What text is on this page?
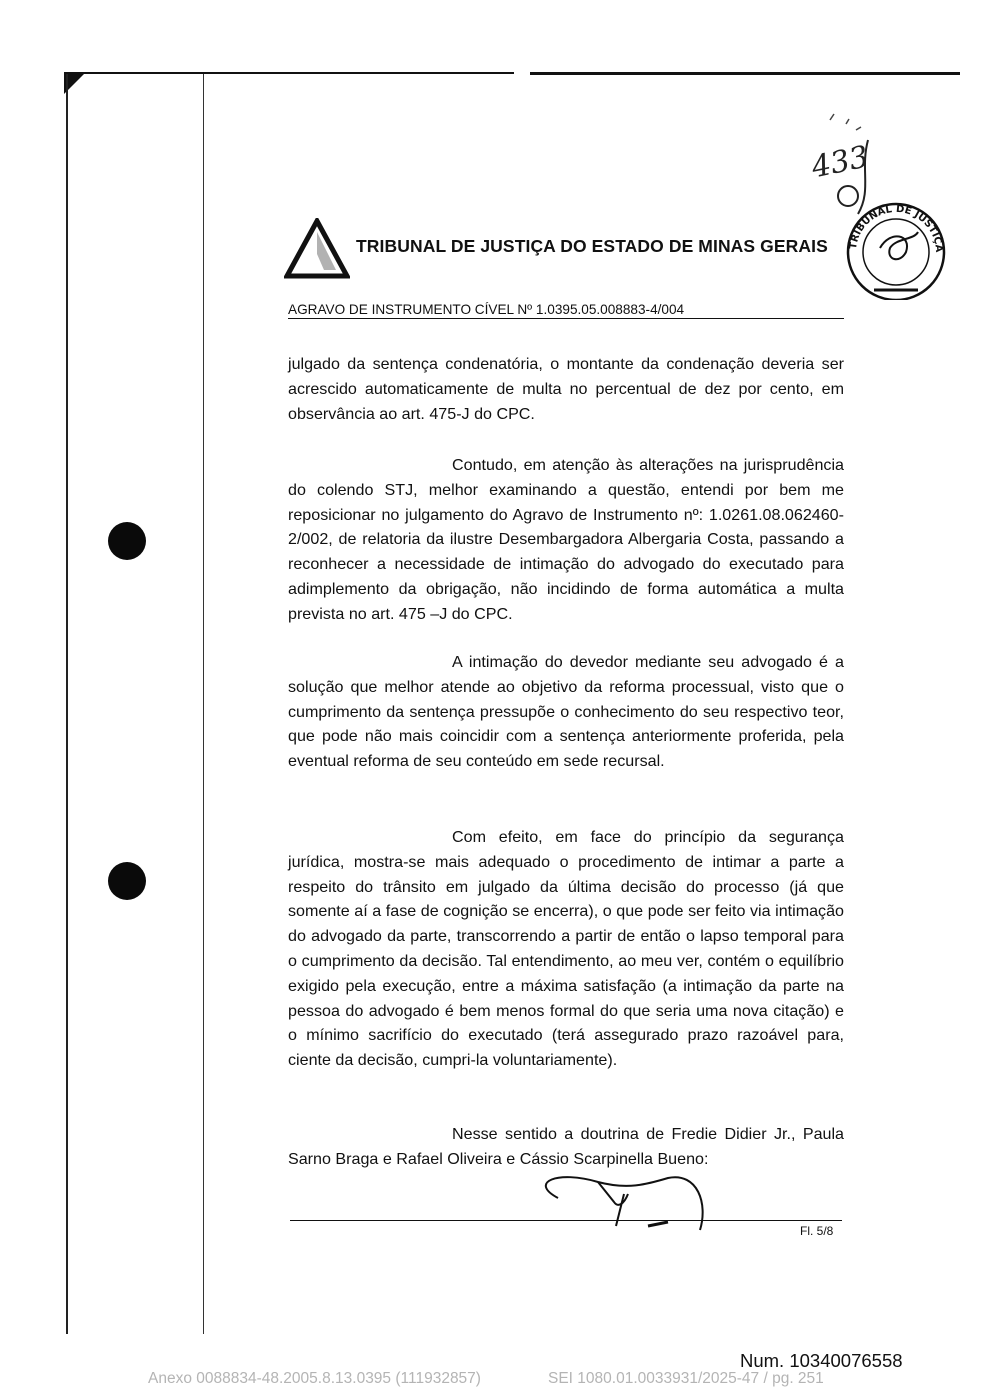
TRIBUNAL DE JUSTIÇA DO ESTADO DE MINAS GERAIS
433
TRIBUNAL DE JUSTIÇA
AGRAVO DE INSTRUMENTO CÍVEL Nº 1.0395.05.008883-4/004

julgado da sentença condenatória, o montante da condenação deveria ser acrescido automaticamente de multa no percentual de dez por cento, em observância ao art. 475-J do CPC.

Contudo, em atenção às alterações na jurisprudência do colendo STJ, melhor examinando a questão, entendi por bem me reposicionar no julgamento do Agravo de Instrumento nº: 1.0261.08.062460-2/002, de relatoria da ilustre Desembargadora Albergaria Costa, passando a reconhecer a necessidade de intimação do advogado do executado para adimplemento da obrigação, não incidindo de forma automática a multa prevista no art. 475 –J do CPC.

A intimação do devedor mediante seu advogado é a solução que melhor atende ao objetivo da reforma processual, visto que o cumprimento da sentença pressupõe o conhecimento do seu respectivo teor, que pode não mais coincidir com a sentença anteriormente proferida, pela eventual reforma de seu conteúdo em sede recursal.

Com efeito, em face do princípio da segurança jurídica, mostra-se mais adequado o procedimento de intimar a parte a respeito do trânsito em julgado da última decisão do processo (já que somente aí a fase de cognição se encerra), o que pode ser feito via intimação do advogado da parte, transcorrendo a partir de então o lapso temporal para o cumprimento da decisão. Tal entendimento, ao meu ver, contém o equilíbrio exigido pela execução, entre a máxima satisfação (a intimação da parte na pessoa do advogado é bem menos formal do que seria uma nova citação) e o mínimo sacrifício do executado (terá assegurado prazo razoável para, ciente da decisão, cumpri-la voluntariamente).

Nesse sentido a doutrina de Fredie Didier Jr., Paula Sarno Braga e Rafael Oliveira e Cássio Scarpinella Bueno:

Fl. 5/8
Num. 10340076558
Anexo 0088834-48.2005.8.13.0395 (111932857)	SEI 1080.01.0033931/2025-47 / pg. 251
